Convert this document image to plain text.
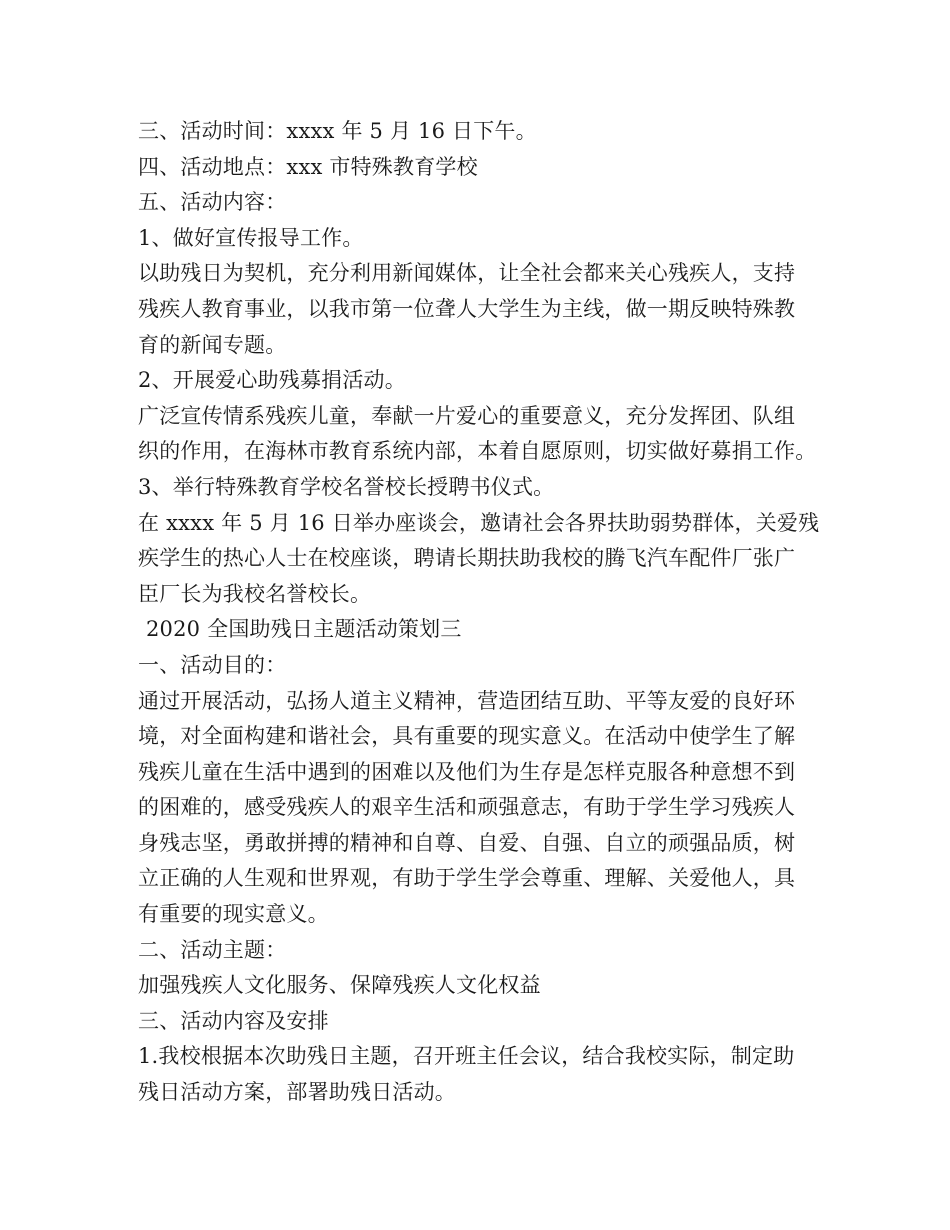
三、活动时间：xxxx 年 5 月 16 日下午。
四、活动地点：xxx 市特殊教育学校
五、活动内容：
1、做好宣传报导工作。
以助残日为契机，充分利用新闻媒体，让全社会都来关心残疾人，支持
残疾人教育事业，以我市第一位聋人大学生为主线，做一期反映特殊教
育的新闻专题。
2、开展爱心助残募捐活动。
广泛宣传情系残疾儿童，奉献一片爱心的重要意义，充分发挥团、队组
织的作用，在海林市教育系统内部，本着自愿原则，切实做好募捐工作。
3、举行特殊教育学校名誉校长授聘书仪式。
在 xxxx 年 5 月 16 日举办座谈会，邀请社会各界扶助弱势群体，关爱残
疾学生的热心人士在校座谈，聘请长期扶助我校的腾飞汽车配件厂张广
臣厂长为我校名誉校长。
2020 全国助残日主题活动策划三
一、活动目的：
通过开展活动，弘扬人道主义精神，营造团结互助、平等友爱的良好环
境，对全面构建和谐社会，具有重要的现实意义。在活动中使学生了解
残疾儿童在生活中遇到的困难以及他们为生存是怎样克服各种意想不到
的困难的，感受残疾人的艰辛生活和顽强意志，有助于学生学习残疾人
身残志坚，勇敢拼搏的精神和自尊、自爱、自强、自立的顽强品质，树
立正确的人生观和世界观，有助于学生学会尊重、理解、关爱他人，具
有重要的现实意义。
二、活动主题：
加强残疾人文化服务、保障残疾人文化权益
三、活动内容及安排
1.我校根据本次助残日主题，召开班主任会议，结合我校实际，制定助
残日活动方案，部署助残日活动。
